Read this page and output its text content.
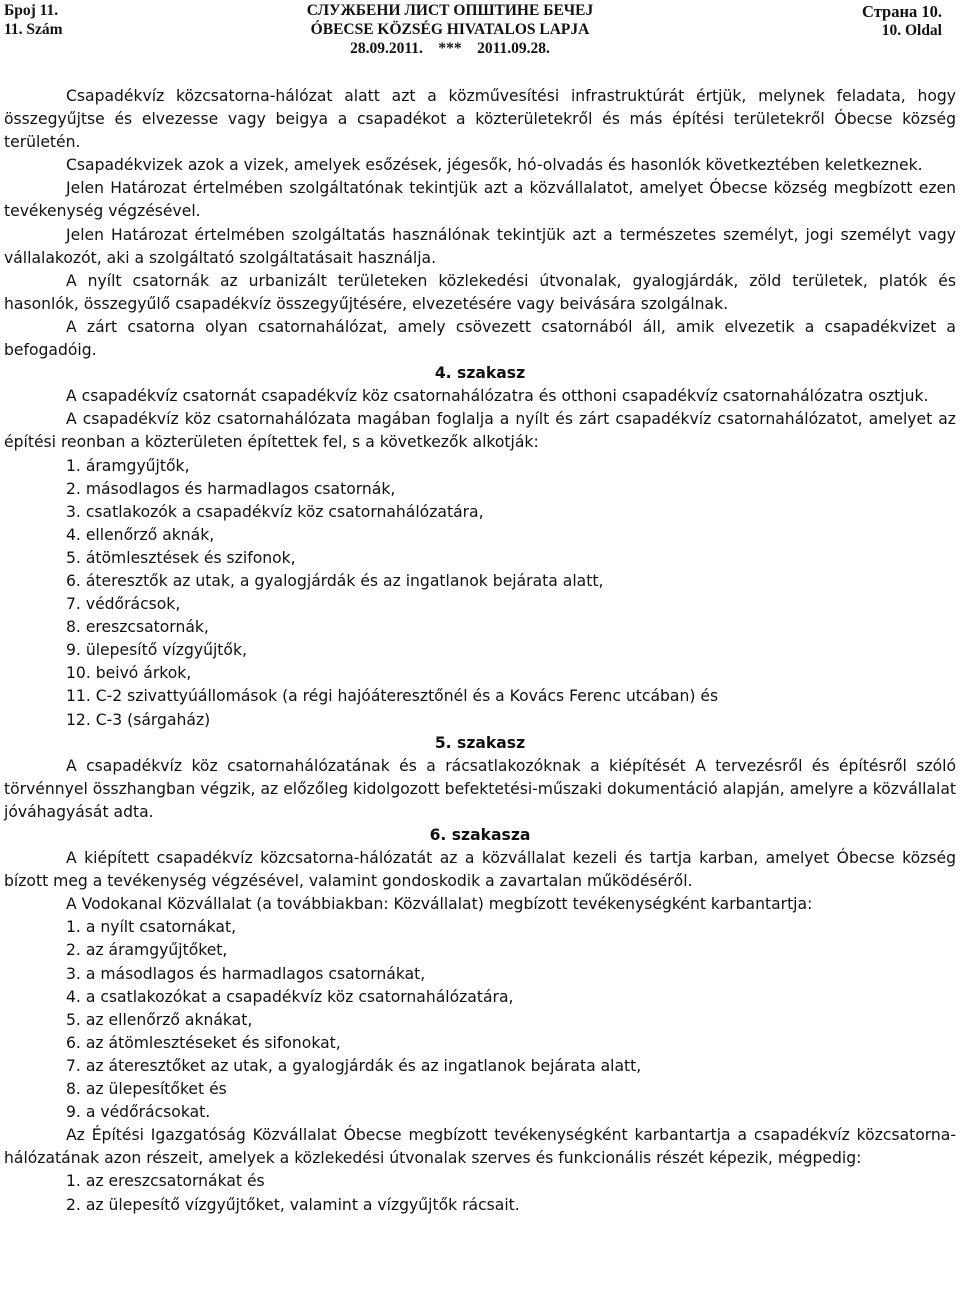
Број 11.
11. Szám
СЛУЖБЕНИ ЛИСТ ОПШТИНЕ БЕЧЕЈ
ÓBECSE KÖZSÉG HIVATALOS LAPJA
28.09.2011.    ***    2011.09.28.
Страна 10.
10. Oldal

Csapadékvíz közcsatorna-hálózat alatt azt a közművesítési infrastruktúrát értjük, melynek feladata, hogy összegyűjtse és elvezesse vagy beigya a csapadékot a közterületekről és más építési területekről Óbecse község területén.

Csapadékvizek azok a vizek, amelyek esőzések, jégesők, hó-olvadás és hasonlók következtében keletkeznek.

Jelen Határozat értelmében szolgáltatónak tekintjük azt a közvállalatot, amelyet Óbecse község megbízott ezen tevékenység végzésével.

Jelen Határozat értelmében szolgáltatás használónak tekintjük azt a természetes személyt, jogi személyt vagy vállalakozót, aki a szolgáltató szolgáltatásait használja.

A nyílt csatornák az urbanizált területeken közlekedési útvonalak, gyalogjárdák, zöld területek, platók és hasonlók, összegyűlő csapadékvíz összegyűjtésére, elvezetésére vagy beivására szolgálnak.

A zárt csatorna olyan csatornahálózat, amely csövezett csatornából áll, amik elvezetik a csapadékvizet a befogadóig.

4. szakasz

A csapadékvíz csatornát csapadékvíz köz csatornahálózatra és otthoni csapadékvíz csatornahálózatra osztjuk.

A csapadékvíz köz csatornahálózata magában foglalja a nyílt és zárt csapadékvíz csatornahálózatot, amelyet az építési reonban a közterületen építettek fel, s a következők alkotják:

1. áramgyűjtők,

2. másodlagos és harmadlagos csatornák,

3. csatlakozók a csapadékvíz köz csatornahálózatára,

4. ellenőrző aknák,

5. átömlesztések és szifonok,

6. áteresztők az utak, a gyalogjárdák és az ingatlanok bejárata alatt,

7. védőrácsok,

8. ereszcsatornák,

9. ülepesítő vízgyűjtők,

10. beivó árkok,

11. C-2 szivattyúállomások (a régi hajóáteresztőnél és a Kovács Ferenc utcában) és

12. C-3 (sárgaház)

5. szakasz

A csapadékvíz köz csatornahálózatának és a rácsatlakozóknak a kiépítését A tervezésről és építésről szóló törvénnyel összhangban végzik, az előzőleg kidolgozott befektetési-műszaki dokumentáció alapján, amelyre a közvállalat jóváhagyását adta.

6. szakasza

A kiépített csapadékvíz közcsatorna-hálózatát az a közvállalat kezeli és tartja karban, amelyet Óbecse község bízott meg a tevékenység végzésével, valamint gondoskodik a zavartalan működéséről.

A Vodokanal Közvállalat (a továbbiakban: Közvállalat) megbízott tevékenységként karbantartja:

1. a nyílt csatornákat,

2. az áramgyűjtőket,

3. a másodlagos és harmadlagos csatornákat,

4. a csatlakozókat a csapadékvíz köz csatornahálózatára,

5. az ellenőrző aknákat,

6. az átömlesztéseket és sifonokat,

7. az áteresztőket az utak, a gyalogjárdák és az ingatlanok bejárata alatt,

8. az ülepesítőket és

9. a védőrácsokat.

Az Építési Igazgatóság Közvállalat Óbecse megbízott tevékenységként karbantartja a csapadékvíz közcsatorna-hálózatának azon részeit, amelyek a közlekedési útvonalak szerves és funkcionális részét képezik, mégpedig:

1. az ereszcsatornákat és

2. az ülepesítő vízgyűjtőket, valamint a vízgyűjtők rácsait.
